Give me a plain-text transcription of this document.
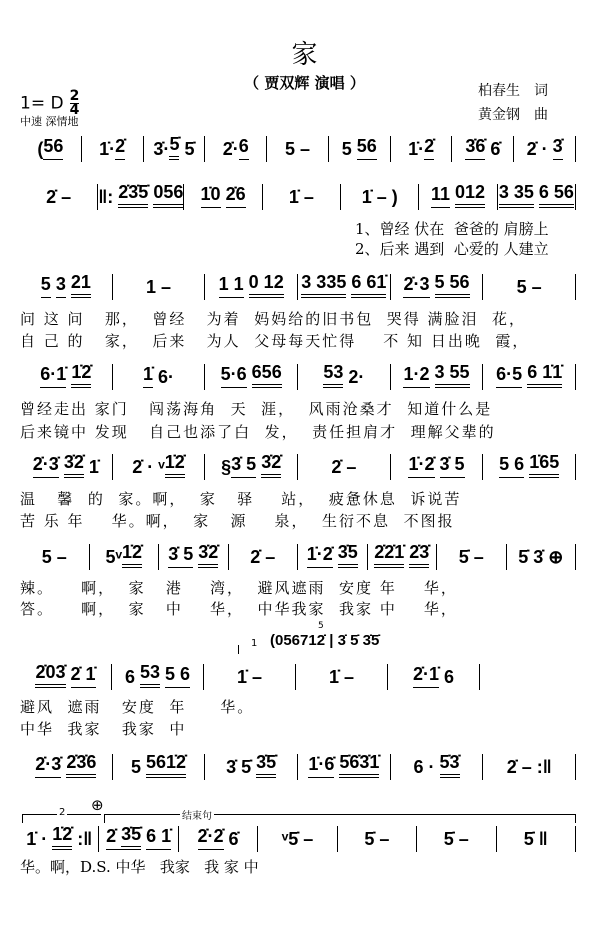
家
（ 贾双辉 演唱 ）	柏春生　词
黄金钢　曲
1= D $\frac{2}{4}$
中速 深情地
( 56 1̇· 2̇ 3̇· 5̇ 5̇ 2̇· 6 5 – 5 56 1̇· 2̇ 3̇6̇ 6̇ 2̇ · 3̇
2̇ – ‖: 2̇3̇5̇
056 1̇0
2̇6 1̇ –	1̇ – ) 11
012 3 35
6 56
1、曾经 伏在  爸爸的 肩膀上
2、后来 遇到  心爱的 人建立
5
3
21	1 –	1 1
0 12 3 335
6 61̇ 2̇·3
5 56	5 –
问 这 问   那，  曾经   为着  妈妈给的旧书包  哭得 满脸泪  花，
自 己 的   家，  后来   为人  父母每天忙得    不 知 日出晚  霞，
6·1̇
1̇2̇	1̇ 6·	5·6
656 53 2· 1·2
3 55 6·5
6 1̇1̇
曾经走出 家门   闯荡海角  天  涯，  风雨沧桑才  知道什么是
后来镜中 发现   自己也添了白  发，  责任担肩才  理解父辈的
2̇·3̇
3̇2̇ 1̇ 2̇ · ᵛ 1̇2̇ § 3̇ 5
3̇2̇	2̇ –	1̇·2̇
3̇ 5 5 6
1̇65
温   馨  的  家。啊，  家   驿    站，  疲惫休息  诉说苦
苦 乐 年    华。啊，  家   源    泉，  生衍不息  不图报
5 – 5ᵛ 1̇2̇ 3̇ 5
3̇2̇ 2̇ – 1̇·2̇
3̇5 2̇2̇1̇
2̇3̇ 5̇ – 5̇ 3̇ ⊕
辣。    啊，  家   港    湾，  避风遮雨  安度 年    华，
答。    啊，  家   中    华，  中华我家  我家 中    华，
1 (056712̇ | 3̇ 5̇ 3̇5̇
5
2̇03̇
2̇ 1̇ 6 53
5 6	1̇ –	1̇ –	2̇·1̇ 6
避风  遮雨   安度  年     华。
中华  我家   我家  中
2̇·3̇
2̇3̇6 5 561̇2̇ 3̇ 5̇ 3̇5̇ 1̇·6̇
5̇6̇3̇1̇ 6 · 5̇3̇	2̇ – :‖
2 ⊕
结束句
1̇ · 1̇2̇ :‖ 2̇ 3̇5̇
6 1̇ 2̇·2̇ 6̇ ᵛ5̇ –	5̇ –	5̇ –	5̇ ‖
华。啊，D.S. 中华   我家   我 家 中
